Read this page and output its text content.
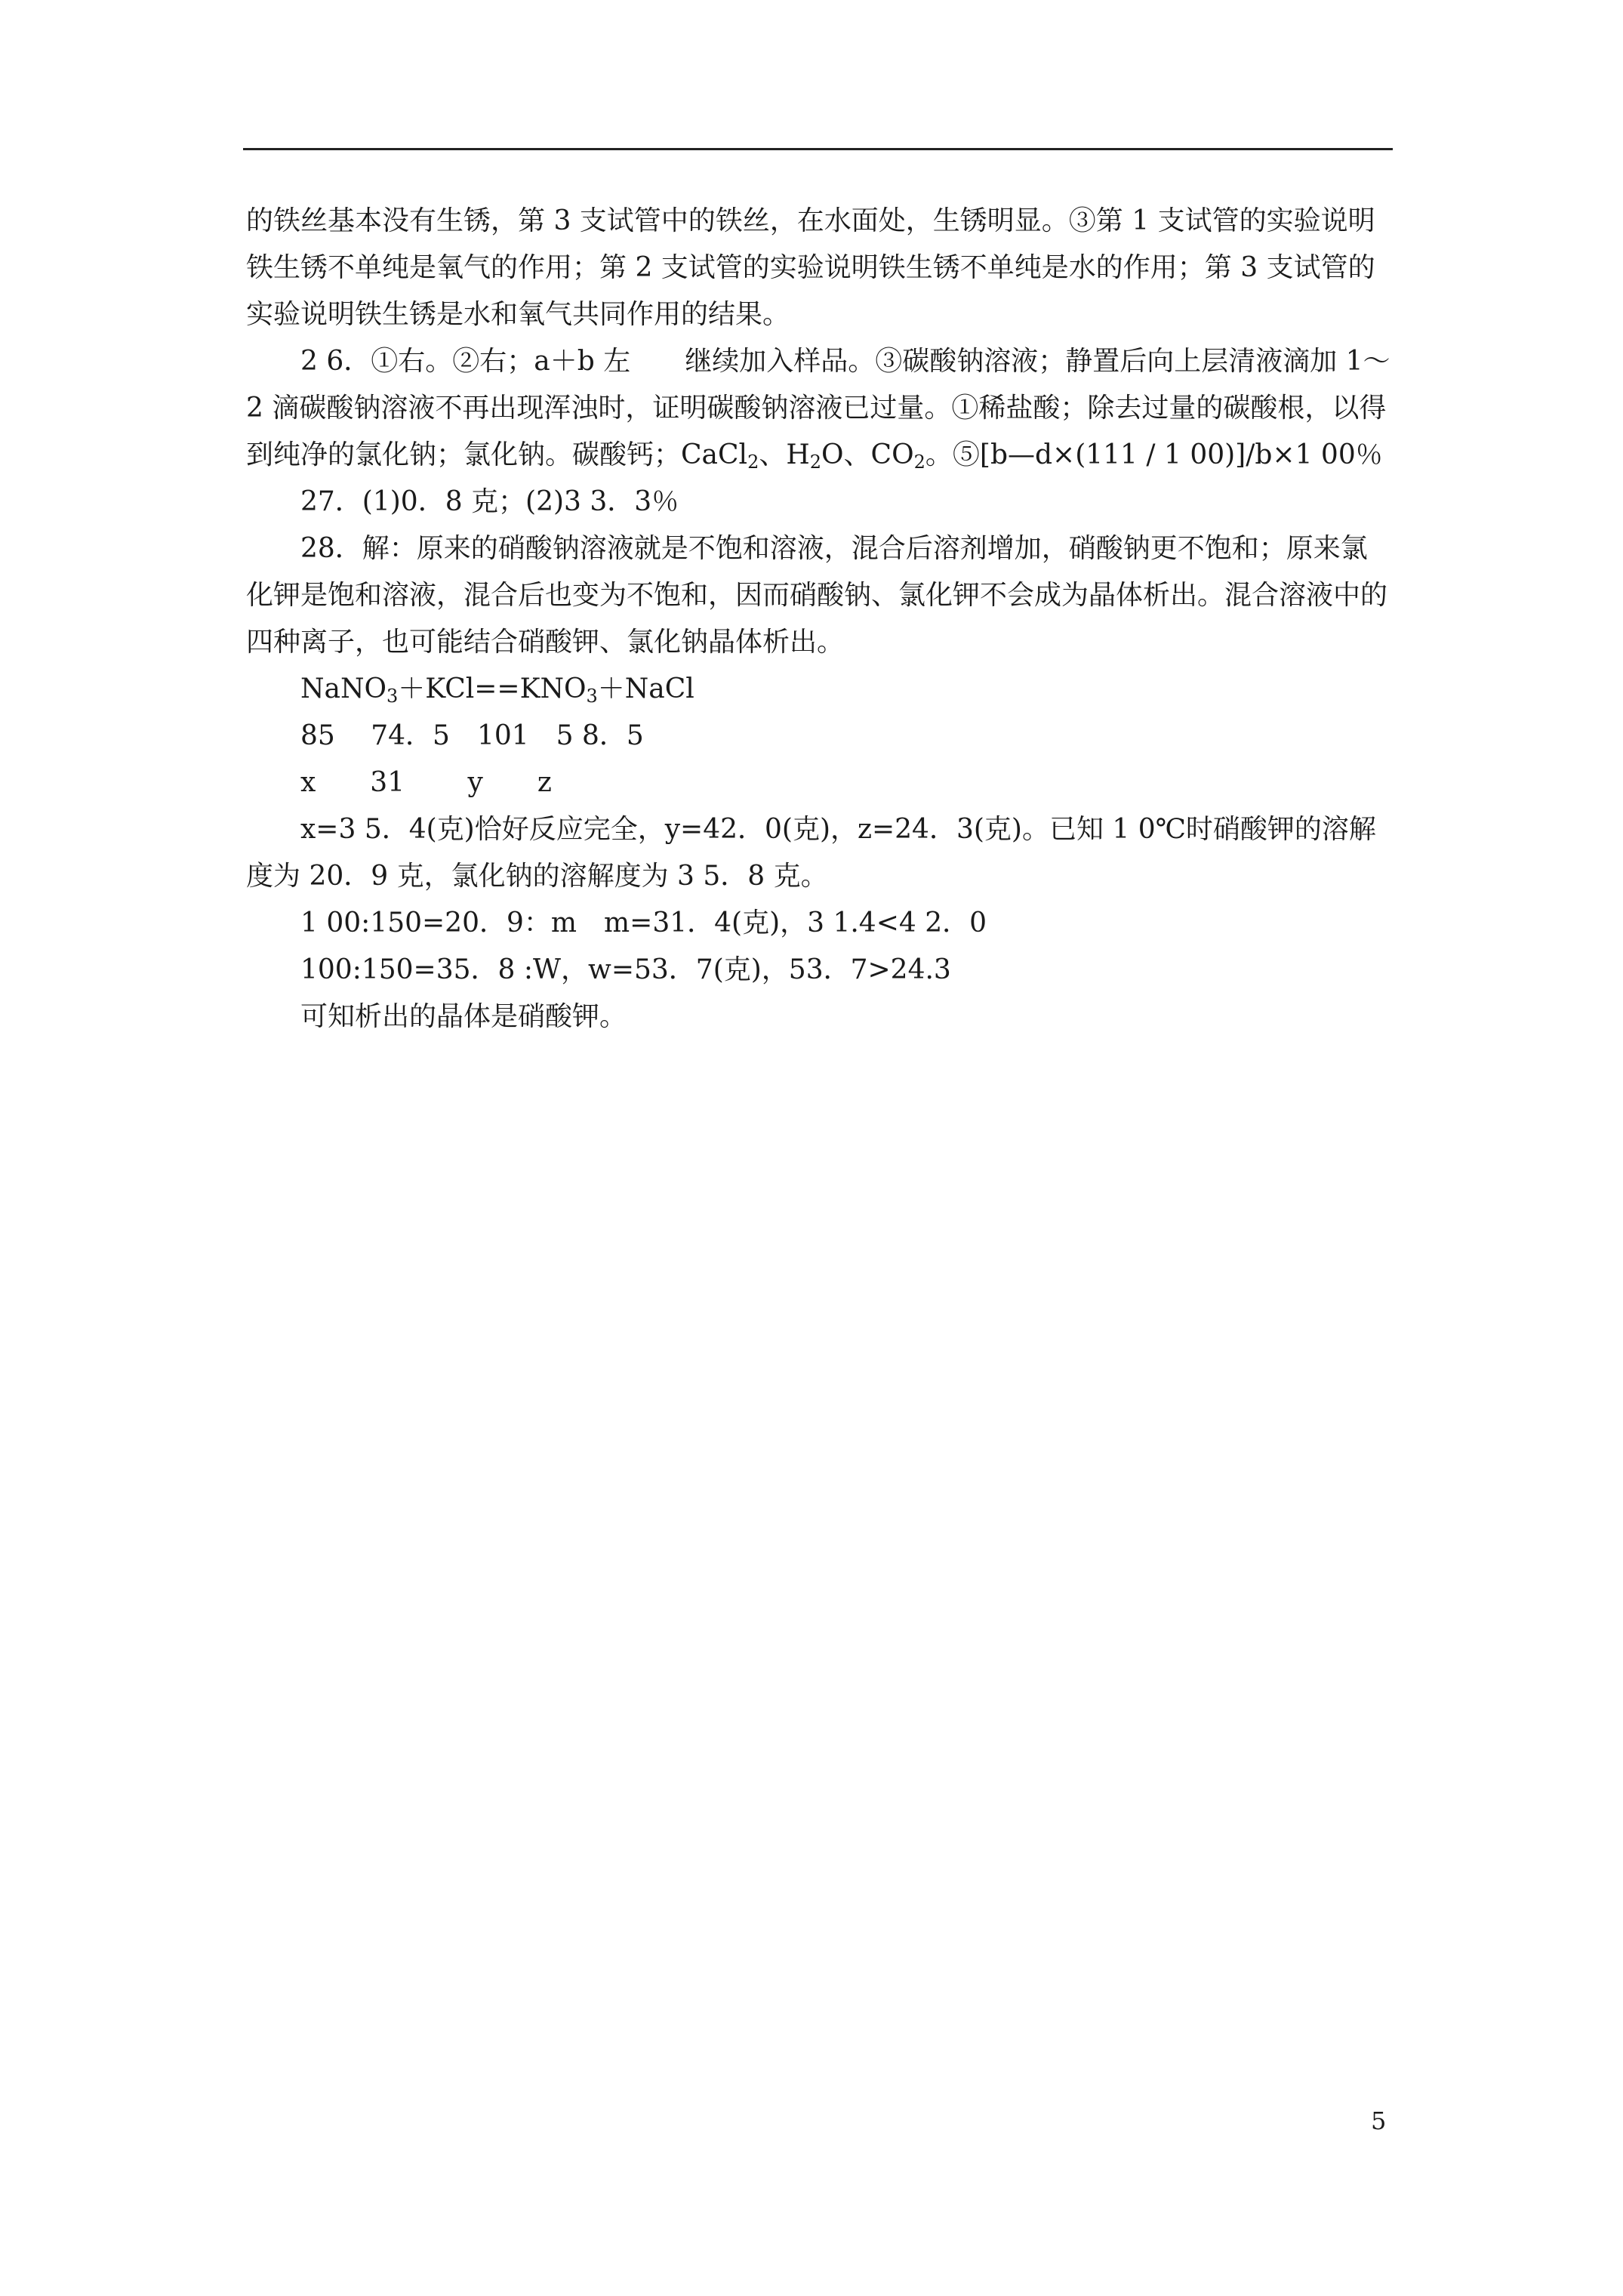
的铁丝基本没有生锈，第 3 支试管中的铁丝，在水面处，生锈明显。③第 1 支试管的实验说明铁生锈不单纯是氧气的作用；第 2 支试管的实验说明铁生锈不单纯是水的作用；第 3 支试管的实验说明铁生锈是水和氧气共同作用的结果。

2 6．①右。②右；a＋b 左　　继续加入样品。③碳酸钠溶液；静置后向上层清液滴加 1～2 滴碳酸钠溶液不再出现浑浊时，证明碳酸钠溶液已过量。①稀盐酸；除去过量的碳酸根，以得到纯净的氯化钠；氯化钠。碳酸钙；CaCl$_2$、$H_2O$、$CO_2$。⑤[b—d×(111 / 1 00)]/b×1 00％

27．(1)0．8 克；(2)3 3．3％

28．解：原来的硝酸钠溶液就是不饱和溶液，混合后溶剂增加，硝酸钠更不饱和；原来氯化钾是饱和溶液，混合后也变为不饱和，因而硝酸钠、氯化钾不会成为晶体析出。混合溶液中的四种离子，也可能结合硝酸钾、氯化钠晶体析出。

$NaNO_3+KCl==KNO_3+NaCl$

85　 74．5　101　5 8．5

x　　31　　 y　　z

x=3 5．4(克)恰好反应完全，y=42．0(克)，z=24．3(克)。已知 1 0℃时硝酸钾的溶解度为 20．9 克，氯化钠的溶解度为 3 5．8 克。

1 00:150=20．9：m　m=31．4(克)，3 1.4<4 2．0

100:150=35．8 :W，w=53．7(克)，53．7>24.3

可知析出的晶体是硝酸钾。

5
